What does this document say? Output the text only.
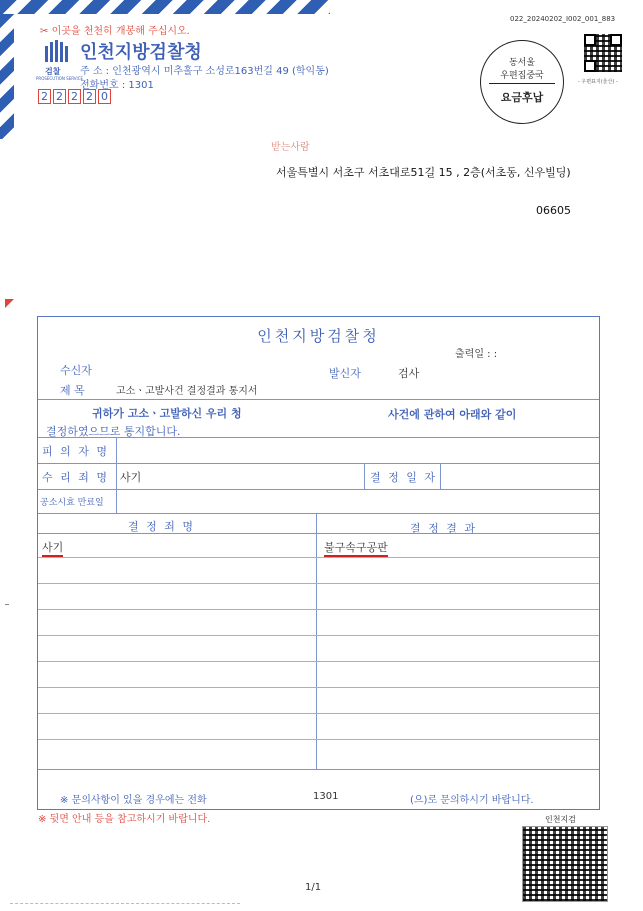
✂ 이곳을 천천히 개봉해 주십시오.
022_20240202_I002_001_883
검찰
PROSECUTION SERVICE
인천지방검찰청
주 소 : 인천광역시 미추홀구 소성로163번길 49 (학익동)
전화번호 : 1301
2 2 2 2 0
동서울
우편집중국
요금후납
- 우편표지(울산) -
받는사람
서울특별시 서초구 서초대로51길 15 , 2층(서초동, 신우빌딩)
06605
인천지방검찰청
출력일 : :
수신자	발신자	검사
제 목	고소ㆍ고발사건 결정결과 통지서
귀하가 고소ㆍ고발하신 우리 청	사건에 관하여 아래와 같이
결정하였으므로 통지합니다.
피 의 자 명
수 리 죄 명 사기	결 정 일 자
공소시효 만료일
결 정 죄 명	결 정 결 과
사기	불구속구공판
※ 문의사항이 있을 경우에는 전화	1301	(으)로 문의하시기 바랍니다.
※ 뒷면 안내 등을 참고하시기 바랍니다.	인천지검
1/1
